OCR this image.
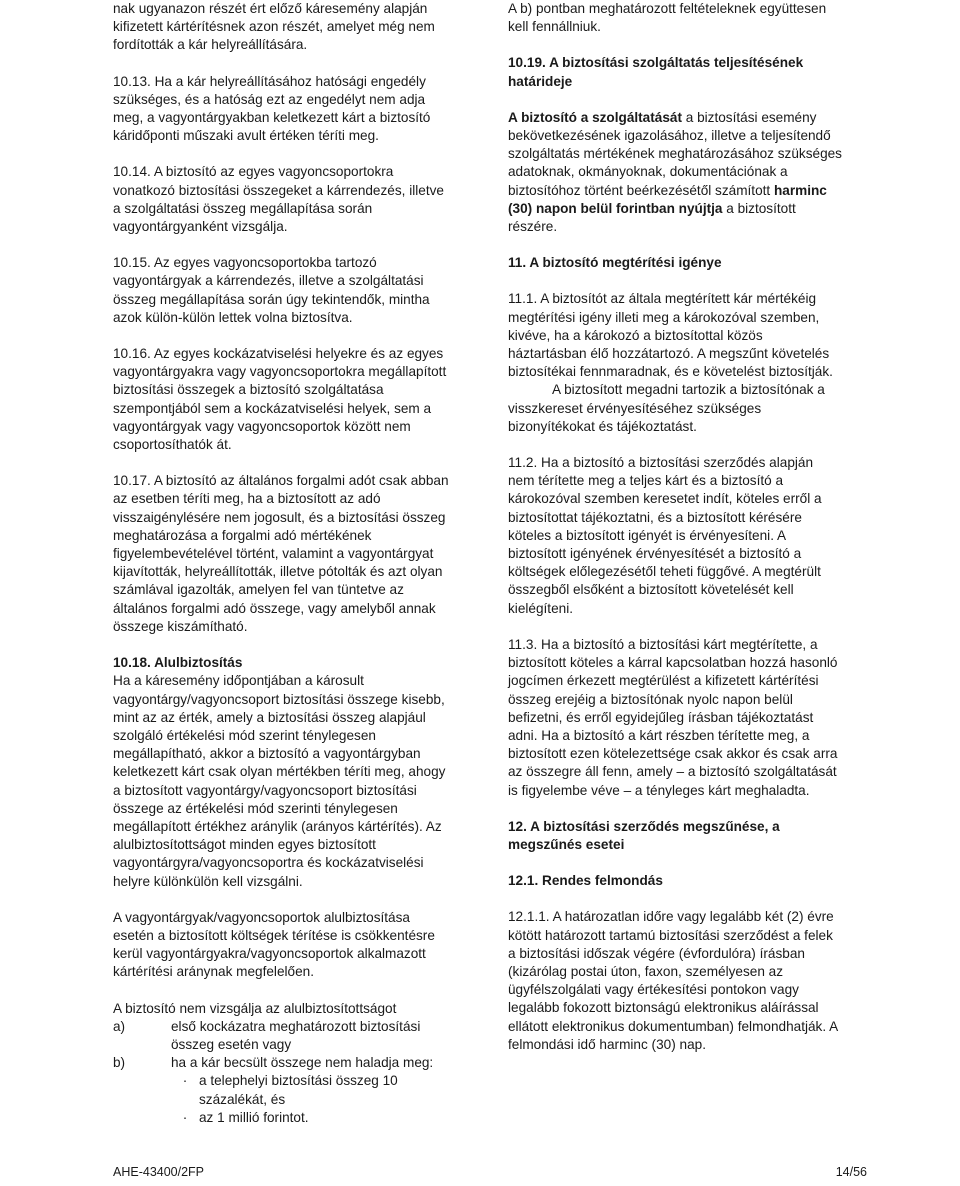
nak ugyanazon részét ért előző káresemény alapján kifizetett kártérítésnek azon részét, amelyet még nem fordították a kár helyreállítására.

10.13. Ha a kár helyreállításához hatósági engedély szükséges, és a hatóság ezt az engedélyt nem adja meg, a vagyontárgyakban keletkezett kárt a biztosító káridőponti műszaki avult értéken téríti meg.

10.14. A biztosító az egyes vagyoncsoportokra vonatkozó biztosítási összegeket a kárrendezés, illetve a szolgáltatási összeg megállapítása során vagyontárgyanként vizsgálja.

10.15. Az egyes vagyoncsoportokba tartozó vagyontárgyak a kárrendezés, illetve a szolgáltatási összeg megállapítása során úgy tekintendők, mintha azok külön-külön lettek volna biztosítva.

10.16. Az egyes kockázatviselési helyekre és az egyes vagyontárgyakra vagy vagyoncsoportokra megállapított biztosítási összegek a biztosító szolgáltatása szempontjából sem a kockázatviselési helyek, sem a vagyontárgyak vagy vagyoncsoportok között nem csoportosíthatók át.

10.17. A biztosító az általános forgalmi adót csak abban az esetben téríti meg, ha a biztosított az adó visszaigénylésére nem jogosult, és a biztosítási összeg meghatározása a forgalmi adó mértékének figyelembevételével történt, valamint a vagyontárgyat kijavították, helyreállították, illetve pótolták és azt olyan számlával igazolták, amelyen fel van tüntetve az általános forgalmi adó összege, vagy amelyből annak összege kiszámítható.

10.18. Alulbiztosítás

Ha a káresemény időpontjában a károsult vagyontárgy/vagyoncsoport biztosítási összege kisebb, mint az az érték, amely a biztosítási összeg alapjául szolgáló értékelési mód szerint ténylegesen megállapítható, akkor a biztosító a vagyontárgyban keletkezett kárt csak olyan mértékben téríti meg, ahogy a biztosított vagyontárgy/vagyoncsoport biztosítási összege az értékelési mód szerinti ténylegesen megállapított értékhez aránylik (arányos kártérítés). Az alulbiztosítottságot minden egyes biztosított vagyontárgyra/vagyoncsoportra és kockázatviselési helyre különkülön kell vizsgálni.

A vagyontárgyak/vagyoncsoportok alulbiztosítása esetén a biztosított költségek térítése is csökkentésre kerül vagyontárgyakra/vagyoncsoportok alkalmazott kártérítési aránynak megfelelően.

A biztosító nem vizsgálja az alulbiztosítottságot

a)	első kockázatra meghatározott biztosítási összeg esetén vagy
b)	ha a kár becsült összege nem haladja meg:
· a telephelyi biztosítási összeg 10 százalékát, és
· az 1 millió forintot.

A b) pontban meghatározott feltételeknek együttesen kell fennállniuk.

10.19. A biztosítási szolgáltatás teljesítésének határideje

A biztosító a szolgáltatását a biztosítási esemény bekövetkezésének igazolásához, illetve a teljesítendő szolgáltatás mértékének meghatározásához szükséges adatoknak, okmányoknak, dokumentációnak a biztosítóhoz történt beérkezésétől számított harminc (30) napon belül forintban nyújtja a biztosított részére.

11. A biztosító megtérítési igénye

11.1. A biztosítót az általa megtérített kár mértékéig megtérítési igény illeti meg a károkozóval szemben, kivéve, ha a károkozó a biztosítottal közös háztartásban élő hozzátartozó. A megszűnt követelés biztosítékai fennmaradnak, és e követelést biztosítják.

A biztosított megadni tartozik a biztosítónak a visszkereset érvényesítéséhez szükséges bizonyítékokat és tájékoztatást.

11.2. Ha a biztosító a biztosítási szerződés alapján nem térítette meg a teljes kárt és a biztosító a károkozóval szemben keresetet indít, köteles erről a biztosítottat tájékoztatni, és a biztosított kérésére köteles a biztosított igényét is érvényesíteni. A biztosított igényének érvényesítését a biztosító a költségek előlegezésétől teheti függővé. A megtérült összegből elsőként a biztosított követelését kell kielégíteni.

11.3. Ha a biztosító a biztosítási kárt megtérítette, a biztosított köteles a kárral kapcsolatban hozzá hasonló jogcímen érkezett megtérülést a kifizetett kártérítési összeg erejéig a biztosítónak nyolc napon belül befizetni, és erről egyidejűleg írásban tájékoztatást adni. Ha a biztosító a kárt részben térítette meg, a biztosított ezen kötelezettsége csak akkor és csak arra az összegre áll fenn, amely – a biztosító szolgáltatását is figyelembe véve – a tényleges kárt meghaladta.

12. A biztosítási szerződés megszűnése, a megszűnés esetei

12.1. Rendes felmondás

12.1.1. A határozatlan időre vagy legalább két (2) évre kötött határozott tartamú biztosítási szerződést a felek a biztosítási időszak végére (évfordulóra) írásban (kizárólag postai úton, faxon, személyesen az ügyfélszolgálati vagy értékesítési pontokon vagy legalább fokozott biztonságú elektronikus aláírással ellátott elektronikus dokumentumban) felmondhatják. A felmondási idő harminc (30) nap.

AHE-43400/2FP	14/56
